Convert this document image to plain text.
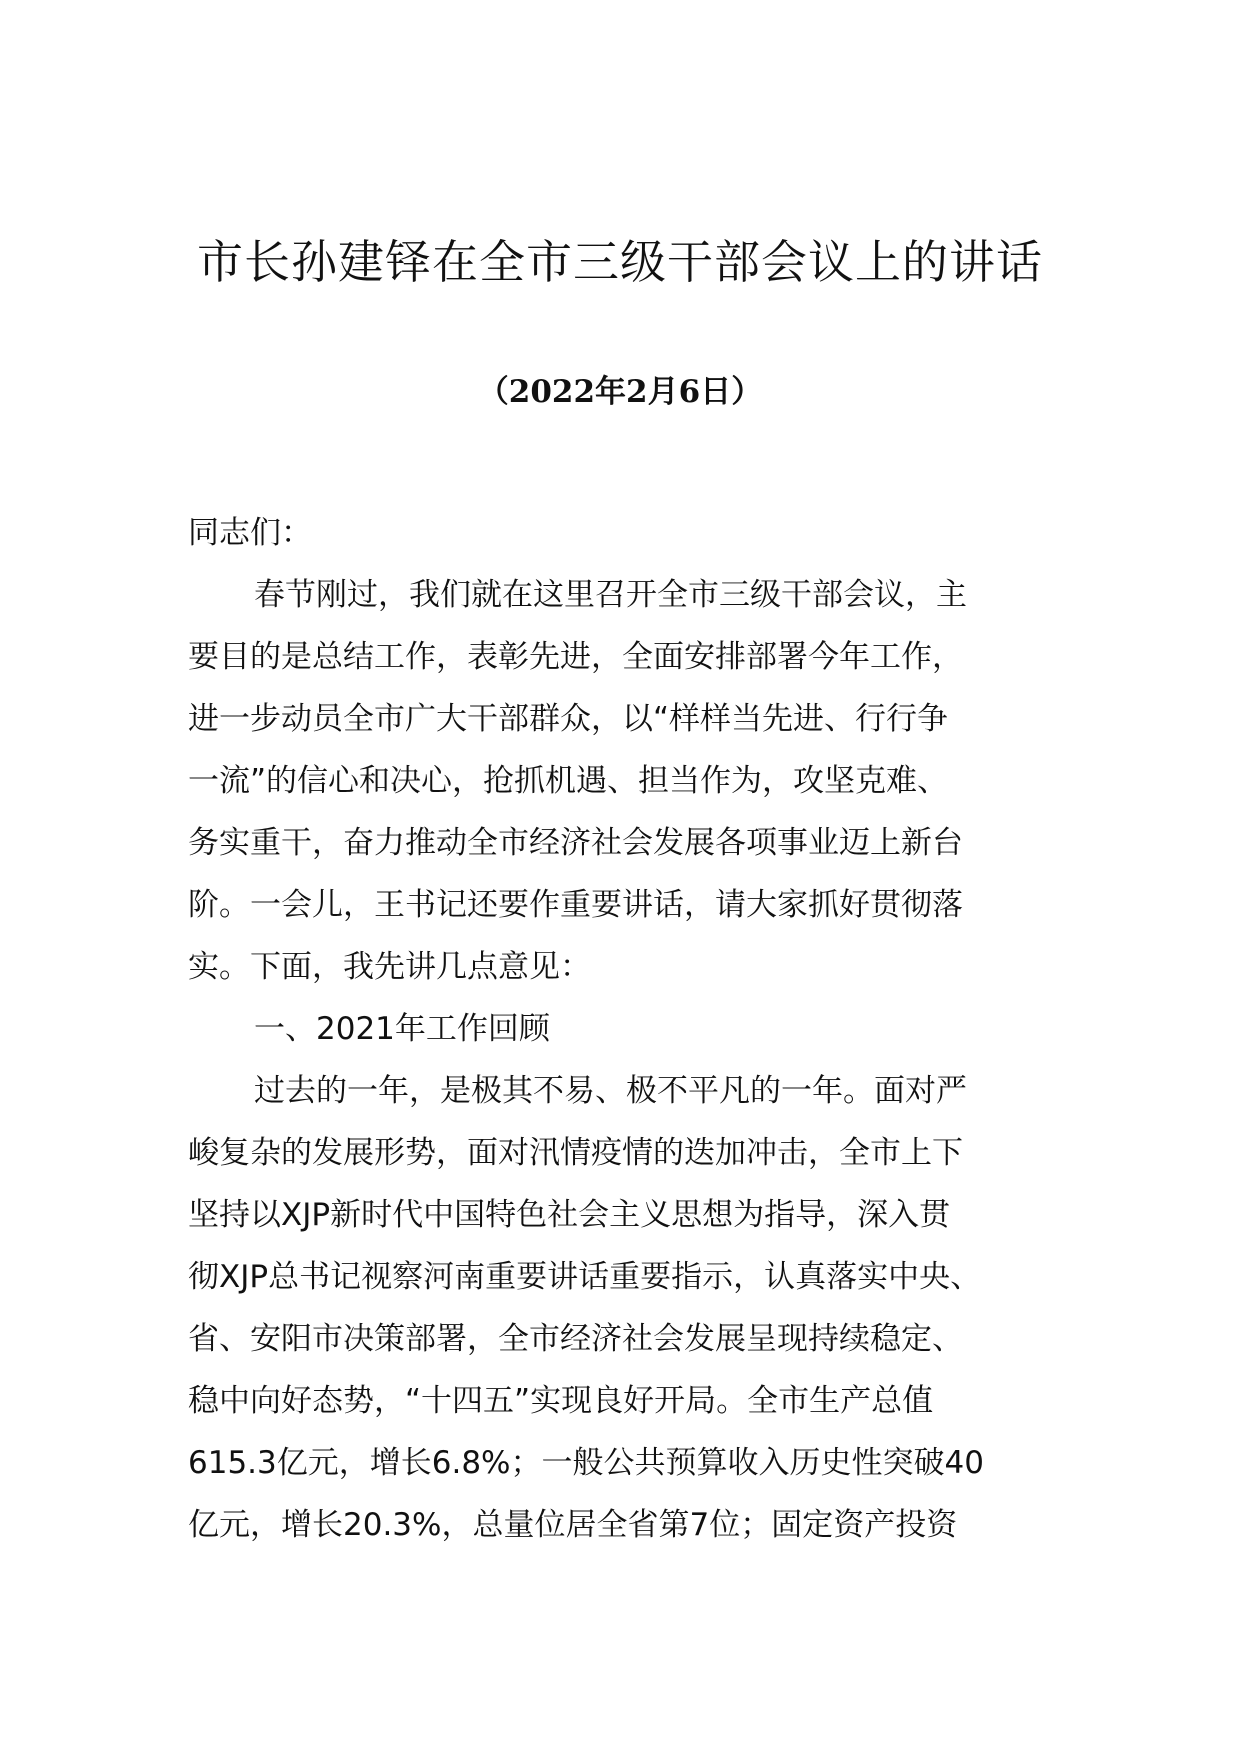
市长孙建铎在全市三级干部会议上的讲话
（2022年2月6日）
同志们：
春节刚过，我们就在这里召开全市三级干部会议，主
要目的是总结工作，表彰先进，全面安排部署今年工作，
进一步动员全市广大干部群众，以“样样当先进、行行争
一流”的信心和决心，抢抓机遇、担当作为，攻坚克难、
务实重干，奋力推动全市经济社会发展各项事业迈上新台
阶。一会儿，王书记还要作重要讲话，请大家抓好贯彻落
实。下面，我先讲几点意见：
一、2021年工作回顾
过去的一年，是极其不易、极不平凡的一年。面对严
峻复杂的发展形势，面对汛情疫情的迭加冲击，全市上下
坚持以XJP新时代中国特色社会主义思想为指导，深入贯
彻XJP总书记视察河南重要讲话重要指示，认真落实中央、
省、安阳市决策部署，全市经济社会发展呈现持续稳定、
稳中向好态势，“十四五”实现良好开局。全市生产总值
615.3亿元，增长6.8%；一般公共预算收入历史性突破40
亿元，增长20.3%，总量位居全省第7位；固定资产投资
